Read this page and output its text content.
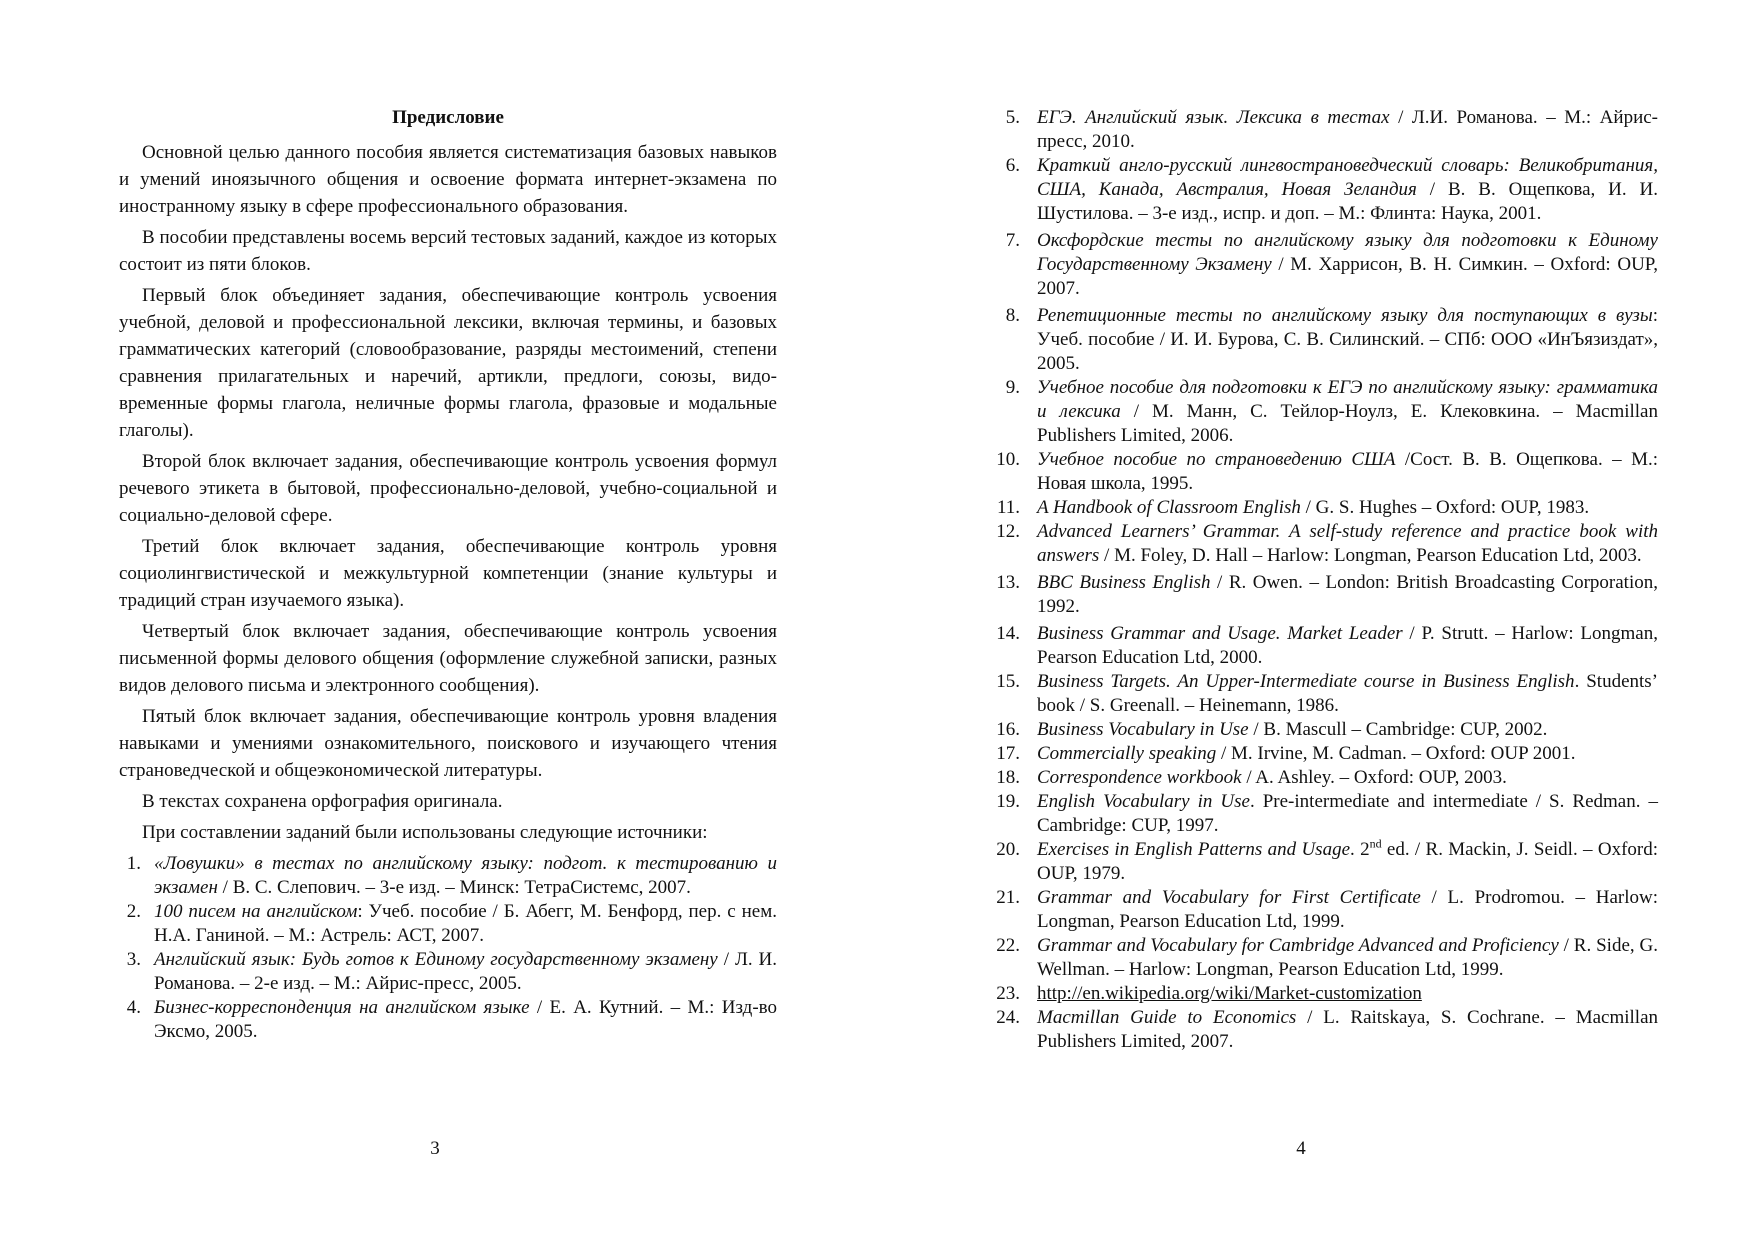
Предисловие

Основной целью данного пособия является систематизация базовых навыков и умений иноязычного общения и освоение формата интернет-экзамена по иностранному языку в сфере профессионального образования.

В пособии представлены восемь версий тестовых заданий, каждое из которых состоит из пяти блоков.

Первый блок объединяет задания, обеспечивающие контроль усвоения учебной, деловой и профессиональной лексики, включая термины, и базовых грамматических категорий (словообразование, разряды местоимений, степени сравнения прилагательных и наречий, артикли, предлоги, союзы, видо-временные формы глагола, неличные формы глагола, фразовые и модальные глаголы).

Второй блок включает задания, обеспечивающие контроль усвоения формул речевого этикета в бытовой, профессионально-деловой, учебно-социальной и социально-деловой сфере.

Третий блок включает задания, обеспечивающие контроль уровня социолингвистической и межкультурной компетенции (знание культуры и традиций стран изучаемого языка).

Четвертый блок включает задания, обеспечивающие контроль усвоения письменной формы делового общения (оформление служебной записки, разных видов делового письма и электронного сообщения).

Пятый блок включает задания, обеспечивающие контроль уровня владения навыками и умениями ознакомительного, поискового и изучающего чтения страноведческой и общеэкономической литературы.

В текстах сохранена орфография оригинала.

При составлении заданий были использованы следующие источники:

1. «Ловушки» в тестах по английскому языку: подгот. к тестированию и экзамен / В. С. Слепович. – 3-е изд. – Минск: ТетраСистемс, 2007.
2. 100 писем на английском: Учеб. пособие / Б. Абегг, М. Бенфорд, пер. с нем. Н.А. Ганиной. – М.: Астрель: АСТ, 2007.
3. Английский язык: Будь готов к Единому государственному экзамену / Л. И. Романова. – 2-е изд. – М.: Айрис-пресс, 2005.
4. Бизнес-корреспонденция на английском языке / Е. А. Кутний. – М.: Изд-во Эксмо, 2005.
3
5. ЕГЭ. Английский язык. Лексика в тестах / Л.И. Романова. – М.: Айрис-пресс, 2010.
6. Краткий англо-русский лингвострановедческий словарь: Великобритания, США, Канада, Австралия, Новая Зеландия / В. В. Ощепкова, И. И. Шустилова. – 3-е изд., испр. и доп. – М.: Флинта: Наука, 2001.
7. Оксфордские тесты по английскому языку для подготовки к Единому Государственному Экзамену / М. Харрисон, В. Н. Симкин. – Oxford: OUP, 2007.
8. Репетиционные тесты по английскому языку для поступающих в вузы: Учеб. пособие / И. И. Бурова, С. В. Силинский. – СПб: ООО «ИнЪязиздат», 2005.
9. Учебное пособие для подготовки к ЕГЭ по английскому языку: грамматика и лексика / М. Манн, С. Тейлор-Ноулз, Е. Клековкина. – Macmillan Publishers Limited, 2006.
10. Учебное пособие по страноведению США /Сост. В. В. Ощепкова. – М.: Новая школа, 1995.
11. A Handbook of Classroom English / G. S. Hughes – Oxford: OUP, 1983.
12. Advanced Learners’ Grammar. A self-study reference and practice book with answers / M. Foley, D. Hall – Harlow: Longman, Pearson Education Ltd, 2003.
13. BBC Business English / R. Owen. – London: British Broadcasting Corporation, 1992.
14. Business Grammar and Usage. Market Leader / P. Strutt. – Harlow: Longman, Pearson Education Ltd, 2000.
15. Business Targets. An Upper-Intermediate course in Business English. Students’ book / S. Greenall. – Heinemann, 1986.
16. Business Vocabulary in Use / B. Mascull – Cambridge: CUP, 2002.
17. Commercially speaking / M. Irvine, M. Cadman. – Oxford: OUP 2001.
18. Correspondence workbook / A. Ashley. – Oxford: OUP, 2003.
19. English Vocabulary in Use. Pre-intermediate and intermediate / S. Redman. – Cambridge: CUP, 1997.
20. Exercises in English Patterns and Usage. 2nd ed. / R. Mackin, J. Seidl. – Oxford: OUP, 1979.
21. Grammar and Vocabulary for First Certificate / L. Prodromou. – Harlow: Longman, Pearson Education Ltd, 1999.
22. Grammar and Vocabulary for Cambridge Advanced and Proficiency / R. Side, G. Wellman. – Harlow: Longman, Pearson Education Ltd, 1999.
23. http://en.wikipedia.org/wiki/Market-customization
24. Macmillan Guide to Economics / L. Raitskaya, S. Cochrane. – Macmillan Publishers Limited, 2007.
4
